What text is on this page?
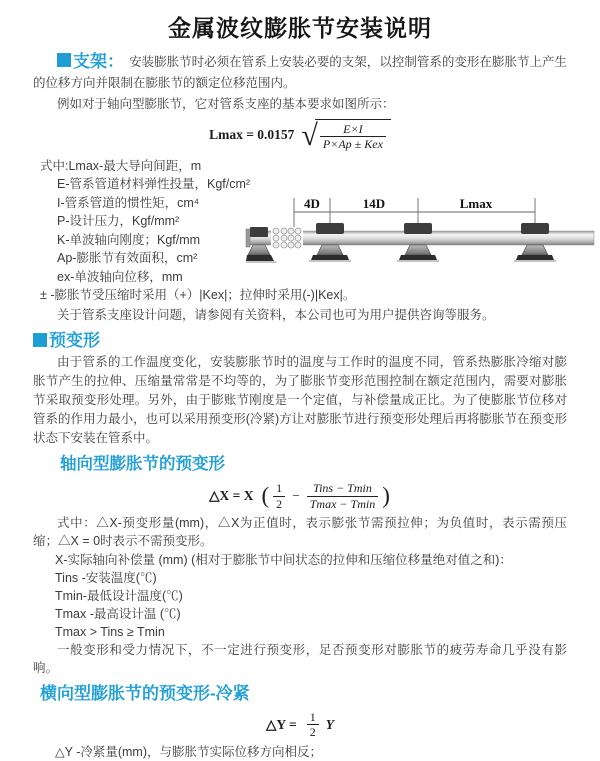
金属波纹膨胀节安装说明

支架： 安装膨胀节时必须在管系上安装必要的支架，以控制管系的变形在膨胀节上产生的位移方向并限制在膨胀节的额定位移范围内。

例如对于轴向型膨胀节，它对管系支座的基本要求如图所示：

Lmax = 0.0157 √ $\frac{E\times I}{\text{P×Ap ± Kex}}$
式中:Lmax-最大导向间距，m
E-管系管道材料弹性投量，Kgf/cm²
I-管系管道的惯性矩，cm⁴
P-设计压力，Kgf/mm²
K-单波轴向刚度；Kgf/mm
Ap-膨胀节有效面积，cm²
ex-单波轴向位移，mm
± -膨胀节受压缩时采用（+）|Kex|；拉伸时采用(-)|Kex|。
关于管系支座设计问题，请参阅有关资料，本公司也可为用户提供咨询等服务。
4D	14D	Lmax
预变形

由于管系的工作温度变化，安装膨胀节时的温度与工作时的温度不同，管系热膨胀冷缩对膨胀节产生的拉伸、压缩量常常是不均等的，为了膨胀节变形范围控制在额定范围内，需要对膨胀节采取预变形处理。另外，由于膨账节刚度是一个定值，与补偿量成正比。为了使膨胀节位移对管系的作用力最小，也可以采用预变形(冷紧)方让对膨胀节进行预变形处理后再将膨胀节在预变形状态下安装在管系中。

轴向型膨胀节的预变形
△X = X ( $\frac{1}{2} - \frac{\text{Tins − Tmin}}{Tmax - Tmin}$ )

式中：△X-预变形量(mm)，△X为正值时，表示膨张节需预拉伸；为负值时，表示需预压缩；△X = 0时表示不需预变形。

X-实际轴向补偿量 (mm) (相对于膨胀节中间状态的拉伸和压缩位移量绝对值之和)：
Tins -安装温度(℃)
Tmin-最低设计温度(℃)
Tmax -最高设计温 (℃)
Tmax > Tins ≥ Tmin

一般变形和受力情况下，不一定进行预变形，足否预变形对膨胀节的疲劳寿命几乎没有影响。

横向型膨胀节的预变形-冷紧
△Y = $\frac{1}{2}$ Y

△Y -冷紧量(mm)，与膨胀节实际位移方向相反；
